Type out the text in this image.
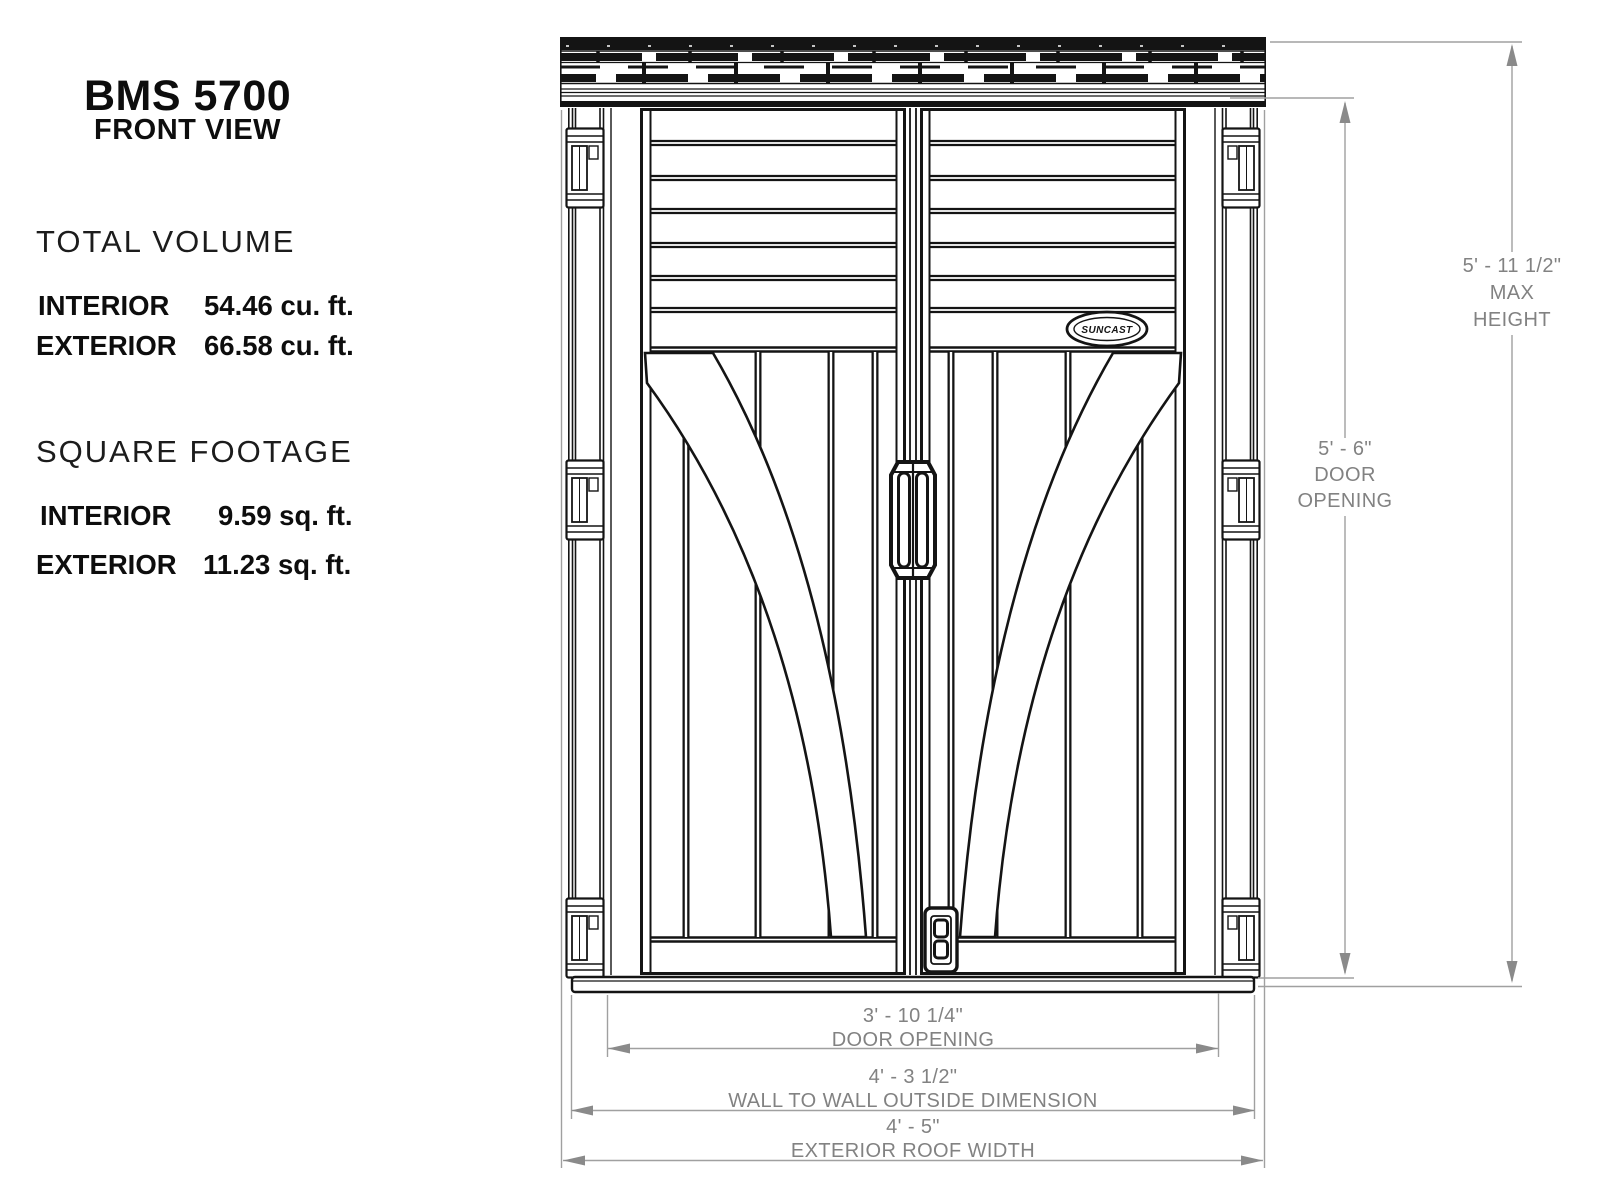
BMS 5700
FRONT VIEW
TOTAL VOLUME
INTERIOR 54.46 cu. ft.
EXTERIOR 66.58 cu. ft.
SQUARE FOOTAGE
INTERIOR 9.59 sq. ft.
EXTERIOR 11.23 sq. ft.
SUNCAST
3' - 10 1/4"
DOOR OPENING
4' - 3 1/2"
WALL TO WALL OUTSIDE DIMENSION
4' - 5"
EXTERIOR ROOF WIDTH
5' - 6"
DOOR
OPENING
5' - 11 1/2"
MAX
HEIGHT
